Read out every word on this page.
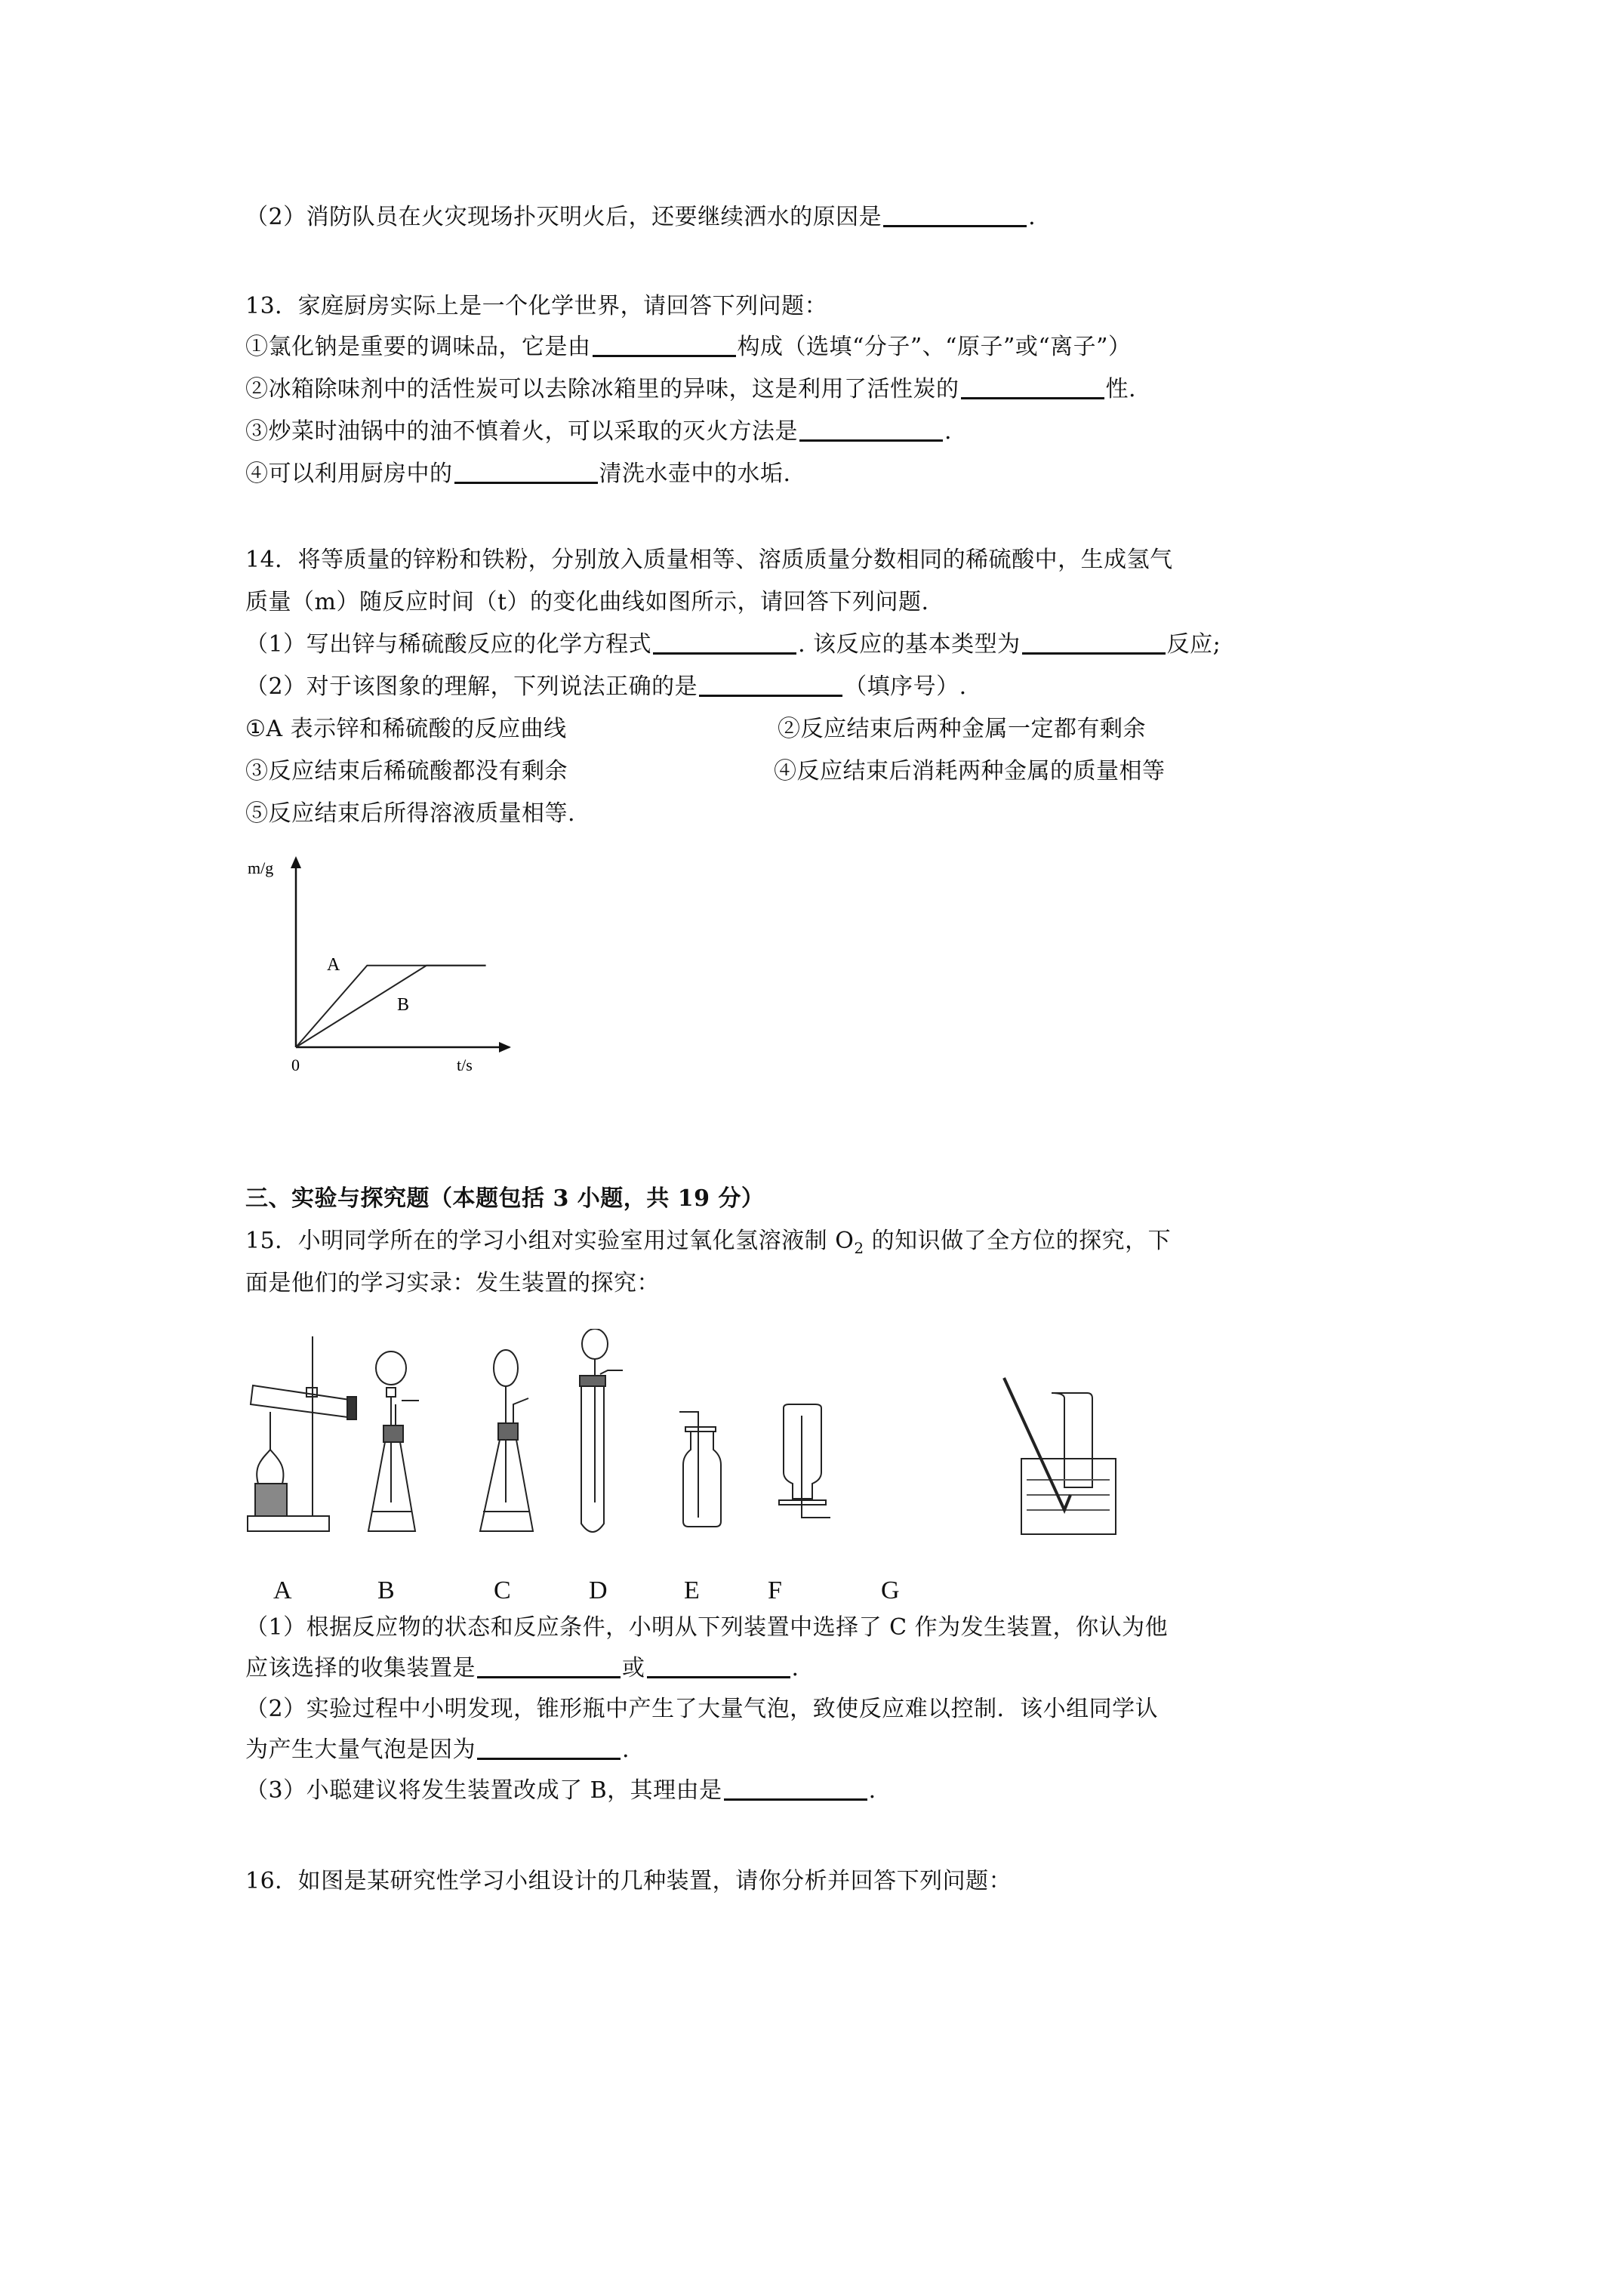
（2）消防队员在火灾现场扑灭明火后，还要继续洒水的原因是	.
13．家庭厨房实际上是一个化学世界，请回答下列问题：
①氯化钠是重要的调味品，它是由	构成（选填“分子”、“原子”或“离子”）
②冰箱除味剂中的活性炭可以去除冰箱里的异味，这是利用了活性炭的	性.
③炒菜时油锅中的油不慎着火，可以采取的灭火方法是	.
④可以利用厨房中的	清洗水壶中的水垢.
14．将等质量的锌粉和铁粉，分别放入质量相等、溶质质量分数相同的稀硫酸中，生成氢气
质量（m）随反应时间（t）的变化曲线如图所示，请回答下列问题.
（1）写出锌与稀硫酸反应的化学方程式	. 该反应的基本类型为	反应;
（2）对于该图象的理解，下列说法正确的是	（填序号）.
①A 表示锌和稀硫酸的反应曲线	②反应结束后两种金属一定都有剩余
③反应结束后稀硫酸都没有剩余	④反应结束后消耗两种金属的质量相等
⑤反应结束后所得溶液质量相等.
m/g
t/s
0
A
B
三、实验与探究题（本题包括 3 小题，共 19 分）
15．小明同学所在的学习小组对实验室用过氧化氢溶液制 $O_2$ 的知识做了全方位的探究，下
面是他们的学习实录：发生装置的探究：
A	B	C	D	E	F	G
（1）根据反应物的状态和反应条件，小明从下列装置中选择了 C 作为发生装置，你认为他
应该选择的收集装置是	或	.
（2）实验过程中小明发现，锥形瓶中产生了大量气泡，致使反应难以控制．该小组同学认
为产生大量气泡是因为	.
（3）小聪建议将发生装置改成了 B，其理由是	.
16．如图是某研究性学习小组设计的几种装置，请你分析并回答下列问题：
